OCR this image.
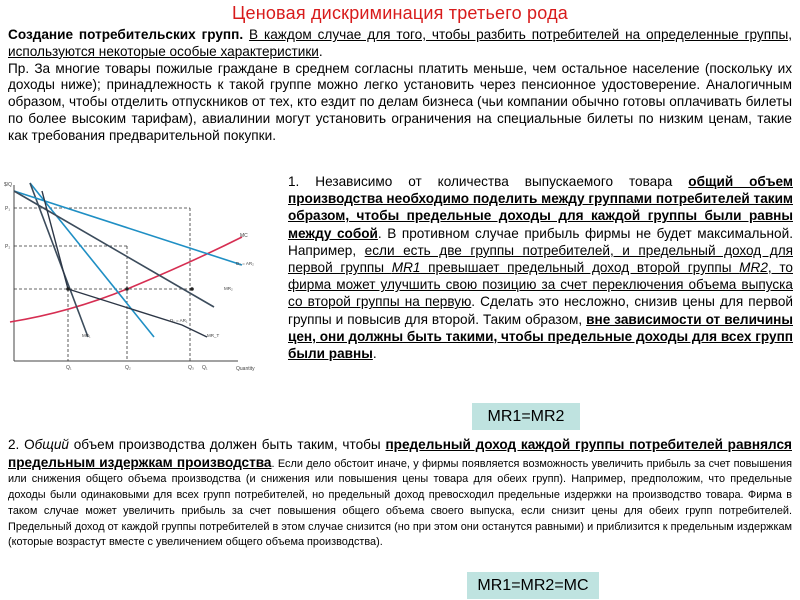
Ценовая дискриминация третьего рода
Создание потребительских групп. В каждом случае для того, чтобы разбить потребителей на определенные группы, используются некоторые особые характеристики.
Пр. За многие товары пожилые граждане в среднем согласны платить меньше, чем остальное население (поскольку их доходы ниже); принадлежность к такой группе можно легко установить через пенсионное удостоверение. Аналогичным образом, чтобы отделить отпускников от тех, кто ездит по делам бизнеса (чьи компании обычно готовы оплачивать билеты по более высоким тарифам), авиалинии могут установить ограничения на специальные билеты по низким ценам, такие как требования предварительной покупки.
$/Q
Quantity
P₁
P₂
MC
D₂ = AR₂
MR₂
D₁ = AR₁
MR₁	MR_T
Q₁	Q₂	Q₃ Q₁
1. Независимо от количества выпускаемого товара общий объем производства необходимо поделить между группами потребителей таким образом, чтобы предельные доходы для каждой группы были равны между собой. В противном случае прибыль фирмы не будет максимальной. Например, если есть две группы потребителей, и предельный доход для первой группы MR1 превышает предельный доход второй группы MR2, то фирма может улучшить свою позицию за счет переключения объема выпуска со второй группы на первую. Сделать это несложно, снизив цены для первой группы и повысив для второй. Таким образом, вне зависимости от величины цен, они должны быть такими, чтобы предельные доходы для всех групп были равны.
MR1=MR2
2. Общий объем производства должен быть таким, чтобы предельный доход каждой группы потребителей равнялся предельным издержкам производства. Если дело обстоит иначе, у фирмы появляется возможность увеличить прибыль за счет повышения или снижения общего объема производства (и снижения или повышения цены товара для обеих групп). Например, предположим, что предельные доходы были одинаковыми для всех групп потребителей, но предельный доход превосходил предельные издержки на производство товара. Фирма в таком случае может увеличить прибыль за счет повышения общего объема своего выпуска, если снизит цены для обеих групп потребителей. Предельный доход от каждой группы потребителей в этом случае снизится (но при этом они останутся равными) и приблизится к предельным издержкам (которые возрастут вместе с увеличением общего объема производства).
MR1=MR2=MC
